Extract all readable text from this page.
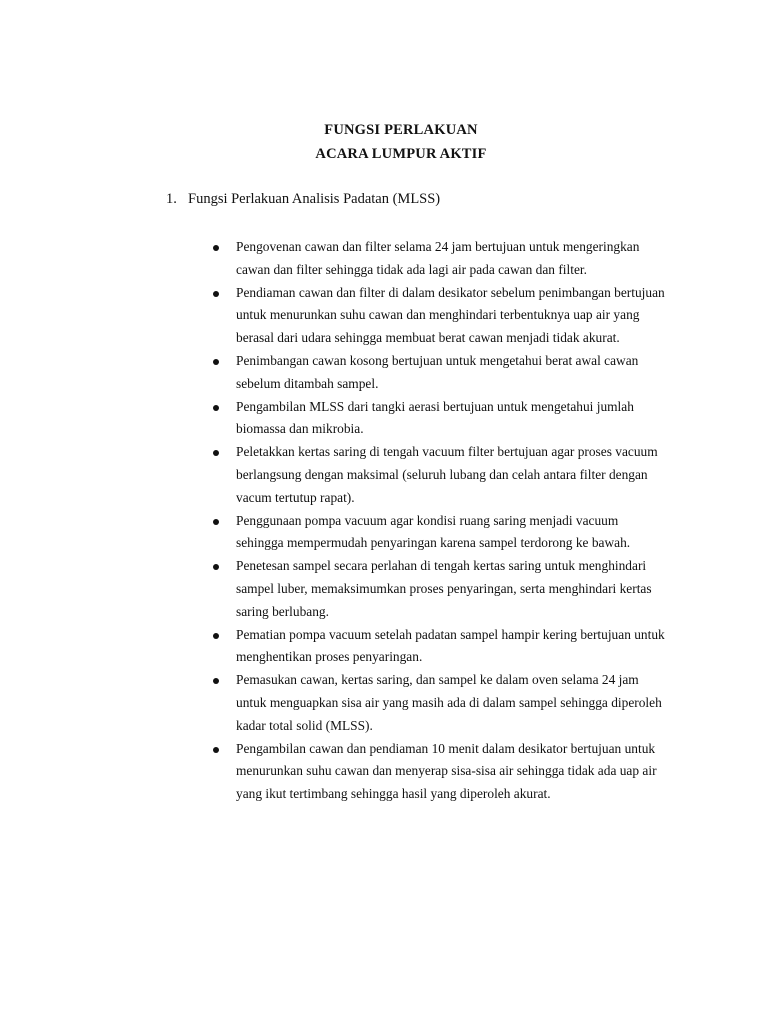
FUNGSI PERLAKUAN
ACARA LUMPUR AKTIF
1. Fungsi Perlakuan Analisis Padatan (MLSS)
Pengovenan cawan dan filter selama 24 jam bertujuan untuk mengeringkan cawan dan filter sehingga tidak ada lagi air pada cawan dan filter.
Pendiaman cawan dan filter di dalam desikator sebelum penimbangan bertujuan untuk menurunkan suhu cawan dan menghindari terbentuknya uap air yang berasal dari udara sehingga membuat berat cawan menjadi tidak akurat.
Penimbangan cawan kosong bertujuan untuk mengetahui berat awal cawan sebelum ditambah sampel.
Pengambilan MLSS dari tangki aerasi bertujuan untuk mengetahui jumlah biomassa dan mikrobia.
Peletakkan kertas saring di tengah vacuum filter bertujuan agar proses vacuum berlangsung dengan maksimal (seluruh lubang dan celah antara filter dengan vacum tertutup rapat).
Penggunaan pompa vacuum agar kondisi ruang saring menjadi vacuum sehingga mempermudah penyaringan karena sampel terdorong ke bawah.
Penetesan sampel secara perlahan di tengah kertas saring untuk menghindari sampel luber, memaksimumkan proses penyaringan, serta menghindari kertas saring berlubang.
Pematian pompa vacuum setelah padatan sampel hampir kering bertujuan untuk menghentikan proses penyaringan.
Pemasukan cawan, kertas saring, dan sampel ke dalam oven selama 24 jam untuk menguapkan sisa air yang masih ada di dalam sampel sehingga diperoleh kadar total solid (MLSS).
Pengambilan cawan dan pendiaman 10 menit dalam desikator bertujuan untuk menurunkan suhu cawan dan menyerap sisa-sisa air sehingga tidak ada uap air yang ikut tertimbang sehingga hasil yang diperoleh akurat.
